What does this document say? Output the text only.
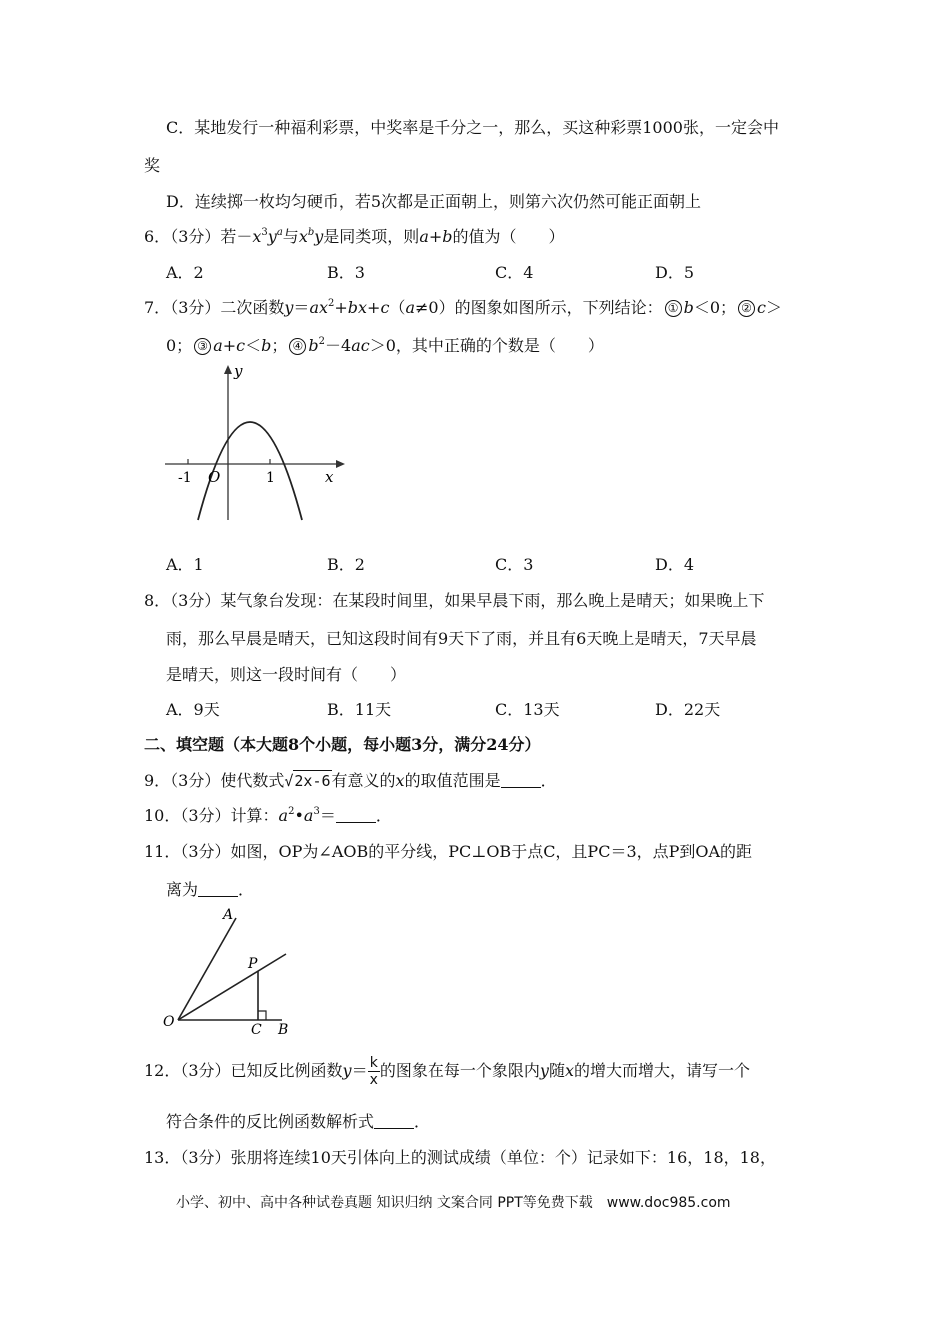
C．某地发行一种福利彩票，中奖率是千分之一，那么，买这种彩票1000张，一定会中
奖
D．连续掷一枚均匀硬币，若5次都是正面朝上，则第六次仍然可能正面朝上
6．（3分）若$-x^3y^a$与$x^by$是同类项，则a+b的值为（　　）
A．2	B．3	C．4	D．5
7．（3分）二次函数$y=ax^2+bx+c(a\ne 0)$的图象如图所示，下列结论： ① b＜0； ② c＞
0； ③ a+c＜b； ④ $b^2-4ac>0$，其中正确的个数是（　　）
y
x
O
-1	1
A．1	B．2	C．3	D．4
8．（3分）某气象台发现：在某段时间里，如果早晨下雨，那么晚上是晴天；如果晚上下
雨，那么早晨是晴天，已知这段时间有9天下了雨，并且有6天晚上是晴天，7天早晨
是晴天，则这一段时间有（　　）
A．9天	B．11天	C．13天	D．22天
二、填空题（本大题8个小题，每小题3分，满分24分）
9．（3分）使代数式√2x-6有意义的x的取值范围是	．
10．（3分）计算：$a^2•a^3=$	．
11．（3分）如图，OP为∠AOB的平分线，PC⊥OB于点C，且PC＝3，点P到OA的距
离为	．
A
P
O	C B
12．（3分）已知反比例函数$y= \frac{k}{x}$ 的图象在每一个象限内y随x的增大而增大，请写一个
符合条件的反比例函数解析式	．
13．（3分）张朋将连续10天引体向上的测试成绩（单位：个）记录如下：16，18，18，
小学、初中、高中各种试卷真题 知识归纳 文案合同 PPT等免费下载　www.doc985.com
